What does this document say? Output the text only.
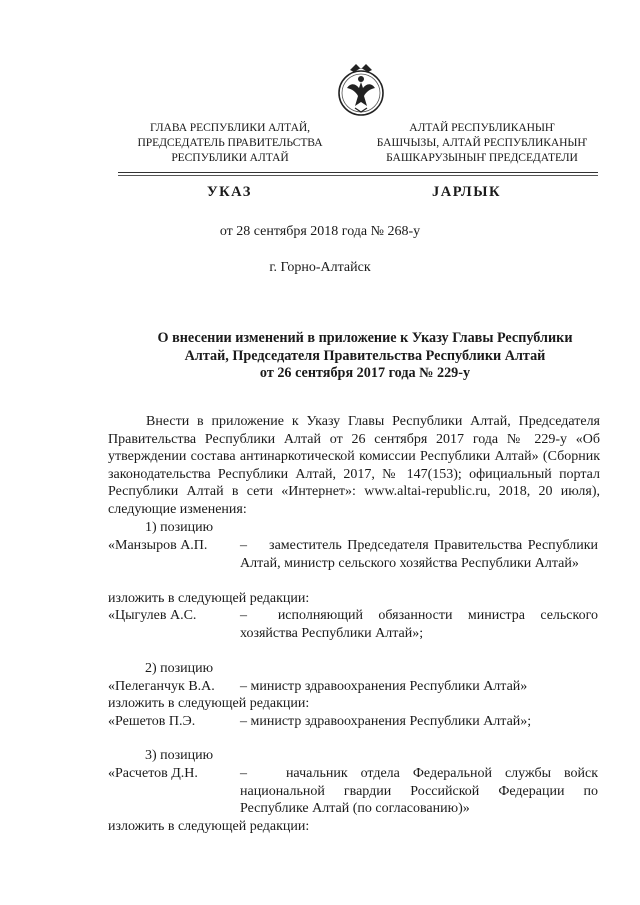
ГЛАВА РЕСПУБЛИКИ АЛТАЙ,
ПРЕДСЕДАТЕЛЬ ПРАВИТЕЛЬСТВА
РЕСПУБЛИКИ АЛТАЙ
АЛТАЙ РЕСПУБЛИКАНЫҤ
БАШЧЫЗЫ, АЛТАЙ РЕСПУБЛИКАНЫҤ
БАШКАРУЗЫНЫҤ ПРЕДСЕДАТЕЛИ
УКАЗ	JАРЛЫК
от 28 сентября 2018 года № 268-у
г. Горно-Алтайск
О внесении изменений в приложение к Указу Главы Республики
Алтай, Председателя Правительства Республики Алтай
от 26 сентября 2017 года № 229-у
Внести в приложение к Указу Главы Республики Алтай, Председателя Правительства Республики Алтай от 26 сентября 2017 года № 229-у «Об утверждении состава антинаркотической комиссии Республики Алтай» (Сборник законодательства Республики Алтай, 2017, № 147(153); официальный портал Республики Алтай в сети «Интернет»: www.altai-republic.ru, 2018, 20 июля), следующие изменения:
1) позицию
«Манзыров А.П. – заместитель Председателя Правительства Республики Алтай, министр сельского хозяйства Республики Алтай»
изложить в следующей редакции:
«Цыгулев А.С.	– исполняющий обязанности министра сельского хозяйства Республики Алтай»;
2) позицию
«Пелеганчук В.А. – министр здравоохранения Республики Алтай»
изложить в следующей редакции:
«Решетов П.Э.	– министр здравоохранения Республики Алтай»;
3) позицию
«Расчетов Д.Н.	–	начальник отдела Федеральной службы войск национальной гвардии Российской Федерации по Республике Алтай (по согласованию)»
изложить в следующей редакции:
